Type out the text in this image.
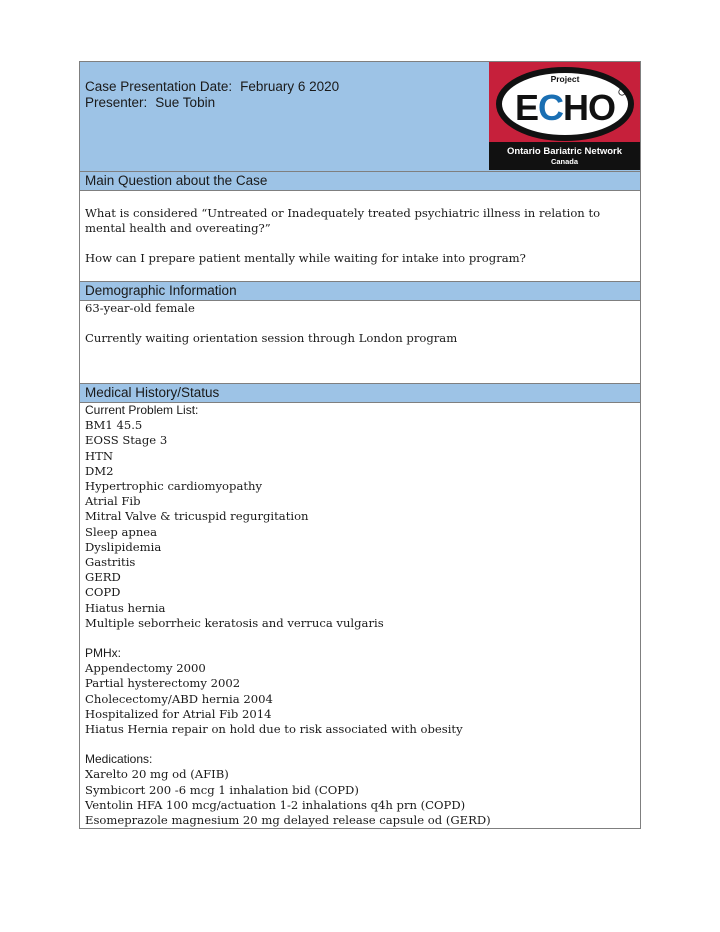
Case Presentation Date: February 6 2020
Presenter: Sue Tobin
Project
ECHO
Ontario Bariatric Network
Canada
Main Question about the Case

What is considered “Untreated or Inadequately treated psychiatric illness in relation to mental health and overeating?”

How can I prepare patient mentally while waiting for intake into program?

Demographic Information

63-year-old female

Currently waiting orientation session through London program

Medical History/Status

Current Problem List:

BM1 45.5

EOSS Stage 3

HTN

DM2

Hypertrophic cardiomyopathy

Atrial Fib

Mitral Valve & tricuspid regurgitation

Sleep apnea

Dyslipidemia

Gastritis

GERD

COPD

Hiatus hernia

Multiple seborrheic keratosis and verruca vulgaris

PMHx:

Appendectomy 2000

Partial hysterectomy 2002

Cholecectomy/ABD hernia 2004

Hospitalized for Atrial Fib 2014

Hiatus Hernia repair on hold due to risk associated with obesity

Medications:

Xarelto 20 mg od (AFIB)

Symbicort 200 -6 mcg 1 inhalation bid (COPD)

Ventolin HFA 100 mcg/actuation 1-2 inhalations q4h prn (COPD)

Esomeprazole magnesium 20 mg delayed release capsule od (GERD)
